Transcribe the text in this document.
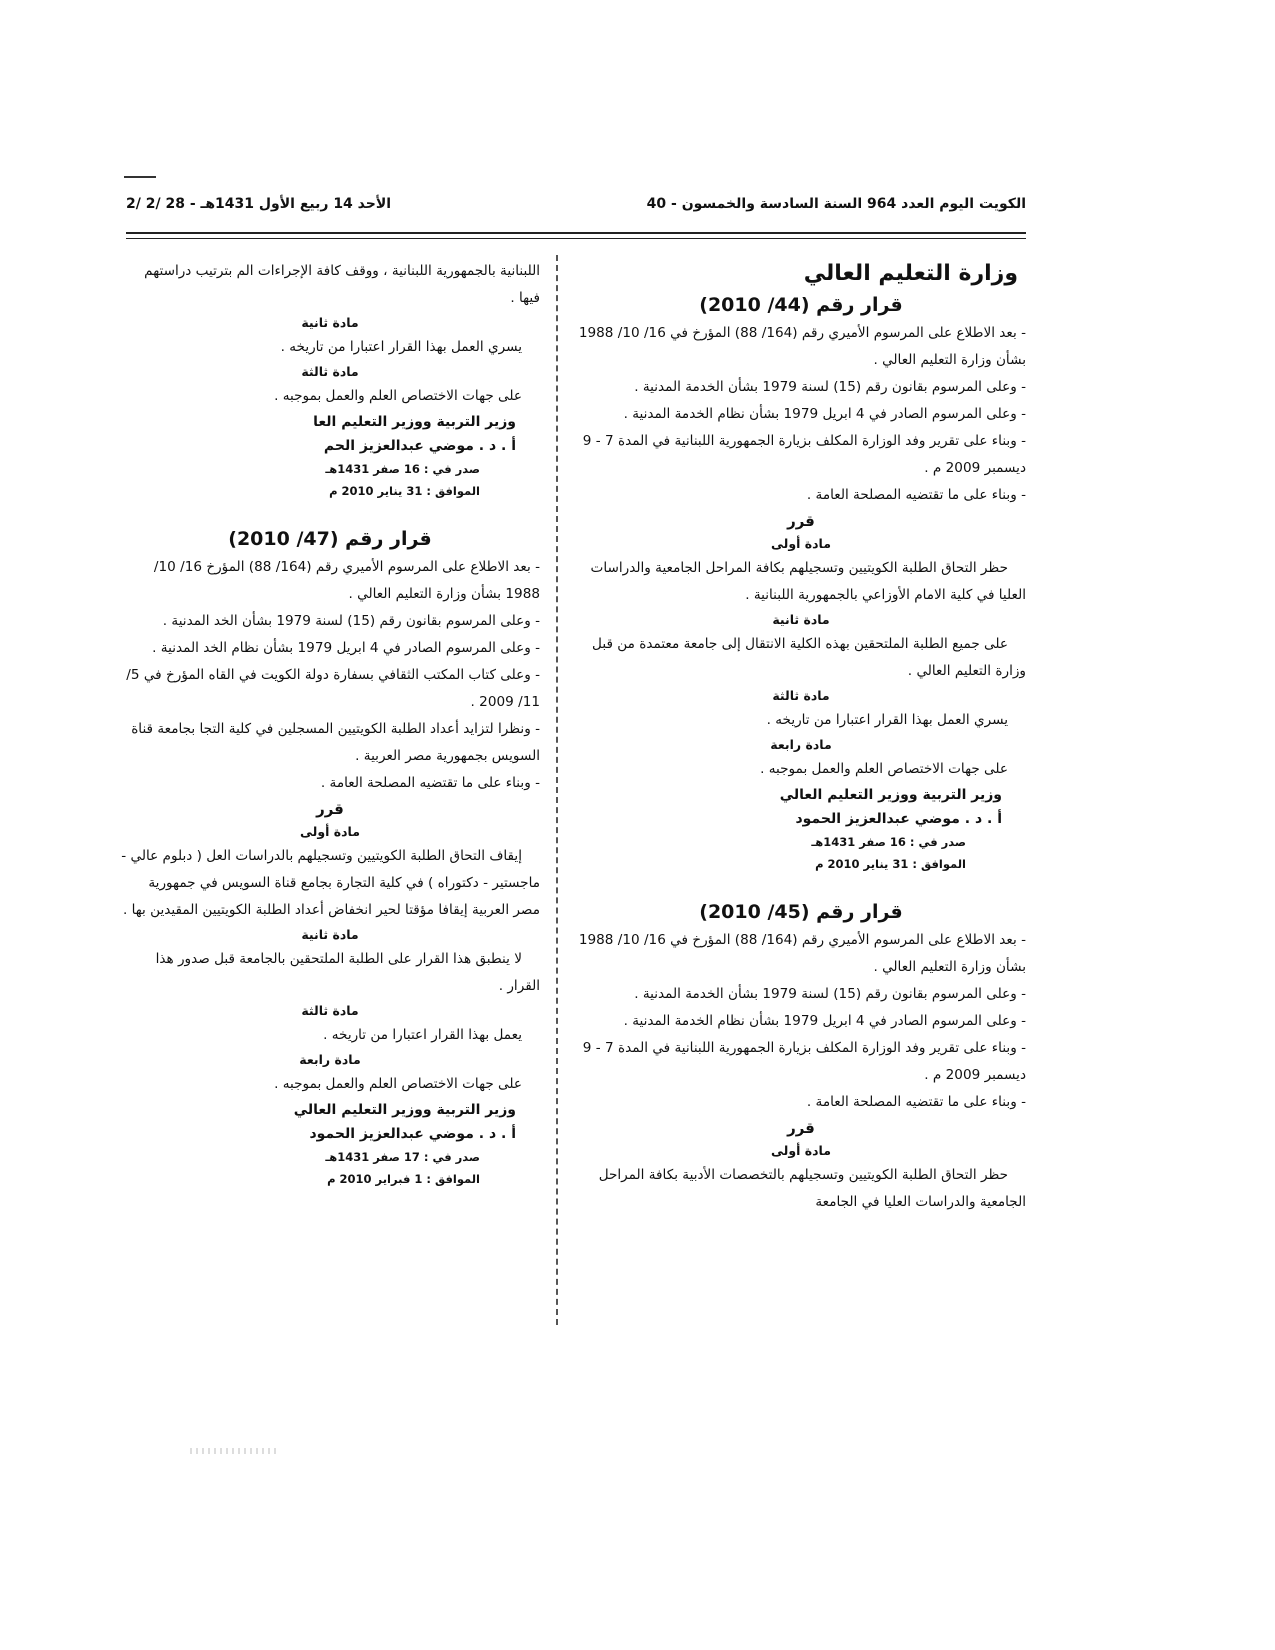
الكويت اليوم العدد 964 السنة السادسة والخمسون - 40
الأحد 14 ربيع الأول 1431هـ - 28 /2 /2

وزارة التعليم العالي

قرار رقم (44/ 2010)

- بعد الاطلاع على المرسوم الأميري رقم (164/ 88) المؤرخ في 16/ 10/ 1988 بشأن وزارة التعليم العالي .

- وعلى المرسوم بقانون رقم (15) لسنة 1979 بشأن الخدمة المدنية .

- وعلى المرسوم الصادر في 4 ابريل 1979 بشأن نظام الخدمة المدنية .

- وبناء على تقرير وفد الوزارة المكلف بزيارة الجمهورية اللبنانية في المدة 7 - 9 ديسمبر 2009 م .

- وبناء على ما تقتضيه المصلحة العامة .

قرر

مادة أولى

حظر التحاق الطلبة الكويتيين وتسجيلهم بكافة المراحل الجامعية والدراسات العليا في كلية الامام الأوزاعي بالجمهورية اللبنانية .

مادة ثانية

على جميع الطلبة الملتحقين بهذه الكلية الانتقال إلى جامعة معتمدة من قبل وزارة التعليم العالي .

مادة ثالثة

يسري العمل بهذا القرار اعتبارا من تاريخه .

مادة رابعة

على جهات الاختصاص العلم والعمل بموجبه .

وزير التربية ووزير التعليم العالي

أ . د . موضي عبدالعزيز الحمود

صدر في : 16 صفر 1431هـ

الموافق : 31 يناير 2010 م

قرار رقم (45/ 2010)

- بعد الاطلاع على المرسوم الأميري رقم (164/ 88) المؤرخ في 16/ 10/ 1988 بشأن وزارة التعليم العالي .

- وعلى المرسوم بقانون رقم (15) لسنة 1979 بشأن الخدمة المدنية .

- وعلى المرسوم الصادر في 4 ابريل 1979 بشأن نظام الخدمة المدنية .

- وبناء على تقرير وفد الوزارة المكلف بزيارة الجمهورية اللبنانية في المدة 7 - 9 ديسمبر 2009 م .

- وبناء على ما تقتضيه المصلحة العامة .

قرر

مادة أولى

حظر التحاق الطلبة الكويتيين وتسجيلهم بالتخصصات الأدبية بكافة المراحل الجامعية والدراسات العليا في الجامعة

اللبنانية بالجمهورية اللبنانية ، ووقف كافة الإجراءات الم بترتيب دراستهم فيها .

مادة ثانية

يسري العمل بهذا القرار اعتبارا من تاريخه .

مادة ثالثة

على جهات الاختصاص العلم والعمل بموجبه .

وزير التربية ووزير التعليم العا

أ . د . موضي عبدالعزيز الحم

صدر في : 16 صفر 1431هـ

الموافق : 31 يناير 2010 م

قرار رقم (47/ 2010)

- بعد الاطلاع على المرسوم الأميري رقم (164/ 88) المؤرخ 16/ 10/ 1988 بشأن وزارة التعليم العالي .

- وعلى المرسوم بقانون رقم (15) لسنة 1979 بشأن الخد المدنية .

- وعلى المرسوم الصادر في 4 ابريل 1979 بشأن نظام الخد المدنية .

- وعلى كتاب المكتب الثقافي بسفارة دولة الكويت في القاه المؤرخ في 5/ 11/ 2009 .

- ونظرا لتزايد أعداد الطلبة الكويتيين المسجلين في كلية التجا بجامعة قناة السويس بجمهورية مصر العربية .

- وبناء على ما تقتضيه المصلحة العامة .

قرر

مادة أولى

إيقاف التحاق الطلبة الكويتيين وتسجيلهم بالدراسات العل ( دبلوم عالي - ماجستير - دكتوراه ) في كلية التجارة بجامع قناة السويس في جمهورية مصر العربية إيقافا مؤقتا لحير انخفاض أعداد الطلبة الكويتيين المقيدين بها .

مادة ثانية

لا ينطبق هذا القرار على الطلبة الملتحقين بالجامعة قبل صدور هذا القرار .

مادة ثالثة

يعمل بهذا القرار اعتبارا من تاريخه .

مادة رابعة

على جهات الاختصاص العلم والعمل بموجبه .

وزير التربية ووزير التعليم العالي

أ . د . موضي عبدالعزيز الحمود

صدر في : 17 صفر 1431هـ

الموافق : 1 فبراير 2010 م
